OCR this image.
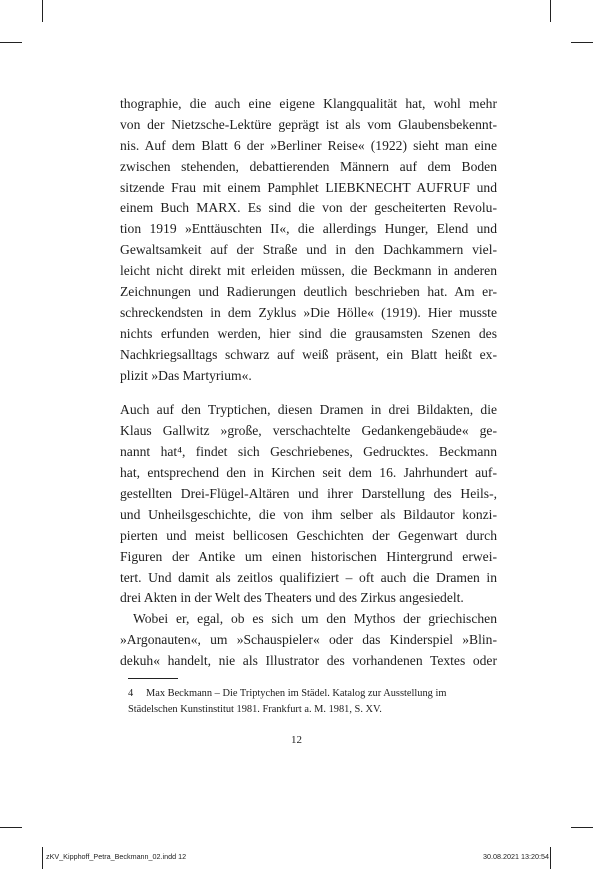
thographie, die auch eine eigene Klangqualität hat, wohl mehr
von der Nietzsche-Lektüre geprägt ist als vom Glaubensbekennt-
nis. Auf dem Blatt 6 der »Berliner Reise« (1922) sieht man eine
zwischen stehenden, debattierenden Männern auf dem Boden
sitzende Frau mit einem Pamphlet LIEBKNECHT AUFRUF und
einem Buch MARX. Es sind die von der gescheiterten Revolu-
tion 1919 »Enttäuschten II«, die allerdings Hunger, Elend und
Gewaltsamkeit auf der Straße und in den Dachkammern viel-
leicht nicht direkt mit erleiden müssen, die Beckmann in anderen
Zeichnungen und Radierungen deutlich beschrieben hat. Am er-
schreckendsten in dem Zyklus »Die Hölle« (1919). Hier musste
nichts erfunden werden, hier sind die grausamsten Szenen des
Nachkriegsalltags schwarz auf weiß präsent, ein Blatt heißt ex-
plizit »Das Martyrium«.
Auch auf den Tryptichen, diesen Dramen in drei Bildakten, die
Klaus Gallwitz »große, verschachtelte Gedankengebäude« ge-
nannt hat⁴, findet sich Geschriebenes, Gedrucktes. Beckmann
hat, entsprechend den in Kirchen seit dem 16. Jahrhundert auf-
gestellten Drei-Flügel-Altären und ihrer Darstellung des Heils-,
und Unheilsgeschichte, die von ihm selber als Bildautor konzi-
pierten und meist bellicosen Geschichten der Gegenwart durch
Figuren der Antike um einen historischen Hintergrund erwei-
tert. Und damit als zeitlos qualifiziert – oft auch die Dramen in
drei Akten in der Welt des Theaters und des Zirkus angesiedelt.
Wobei er, egal, ob es sich um den Mythos der griechischen
»Argonauten«, um »Schauspieler« oder das Kinderspiel »Blin-
dekuh« handelt, nie als Illustrator des vorhandenen Textes oder
4 Max Beckmann – Die Triptychen im Städel. Katalog zur Ausstellung im
Städelschen Kunstinstitut 1981. Frankfurt a. M. 1981, S. XV.
12
zKV_Kipphoff_Petra_Beckmann_02.indd 12	30.08.2021 13:20:54
